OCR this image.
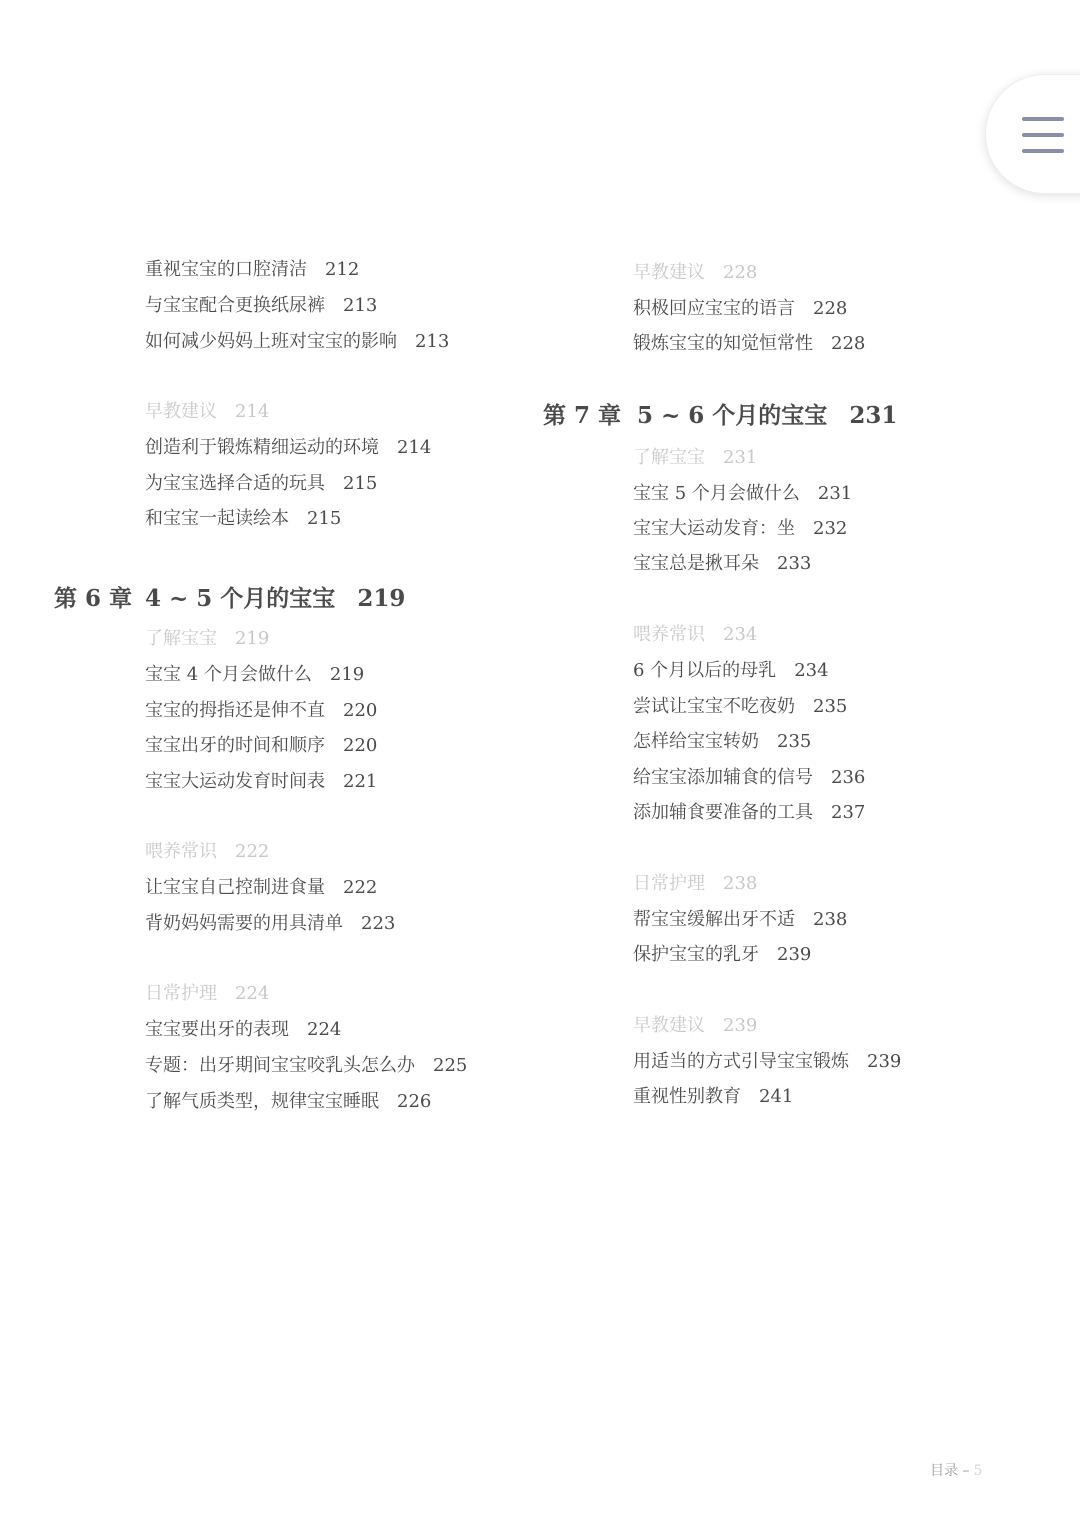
重视宝宝的口腔清洁 212
与宝宝配合更换纸尿裤 213
如何减少妈妈上班对宝宝的影响 213
早教建议 214
创造利于锻炼精细运动的环境 214
为宝宝选择合适的玩具 215
和宝宝一起读绘本 215
第 6 章 4 ~ 5 个月的宝宝 219
了解宝宝 219
宝宝 4 个月会做什么 219
宝宝的拇指还是伸不直 220
宝宝出牙的时间和顺序 220
宝宝大运动发育时间表 221
喂养常识 222
让宝宝自己控制进食量 222
背奶妈妈需要的用具清单 223
日常护理 224
宝宝要出牙的表现 224
专题：出牙期间宝宝咬乳头怎么办 225
了解气质类型，规律宝宝睡眠 226
早教建议 228
积极回应宝宝的语言 228
锻炼宝宝的知觉恒常性 228
第 7 章 5 ~ 6 个月的宝宝 231
了解宝宝 231
宝宝 5 个月会做什么 231
宝宝大运动发育：坐 232
宝宝总是揪耳朵 233
喂养常识 234
6 个月以后的母乳 234
尝试让宝宝不吃夜奶 235
怎样给宝宝转奶 235
给宝宝添加辅食的信号 236
添加辅食要准备的工具 237
日常护理 238
帮宝宝缓解出牙不适 238
保护宝宝的乳牙 239
早教建议 239
用适当的方式引导宝宝锻炼 239
重视性别教育 241
目录 – 5
